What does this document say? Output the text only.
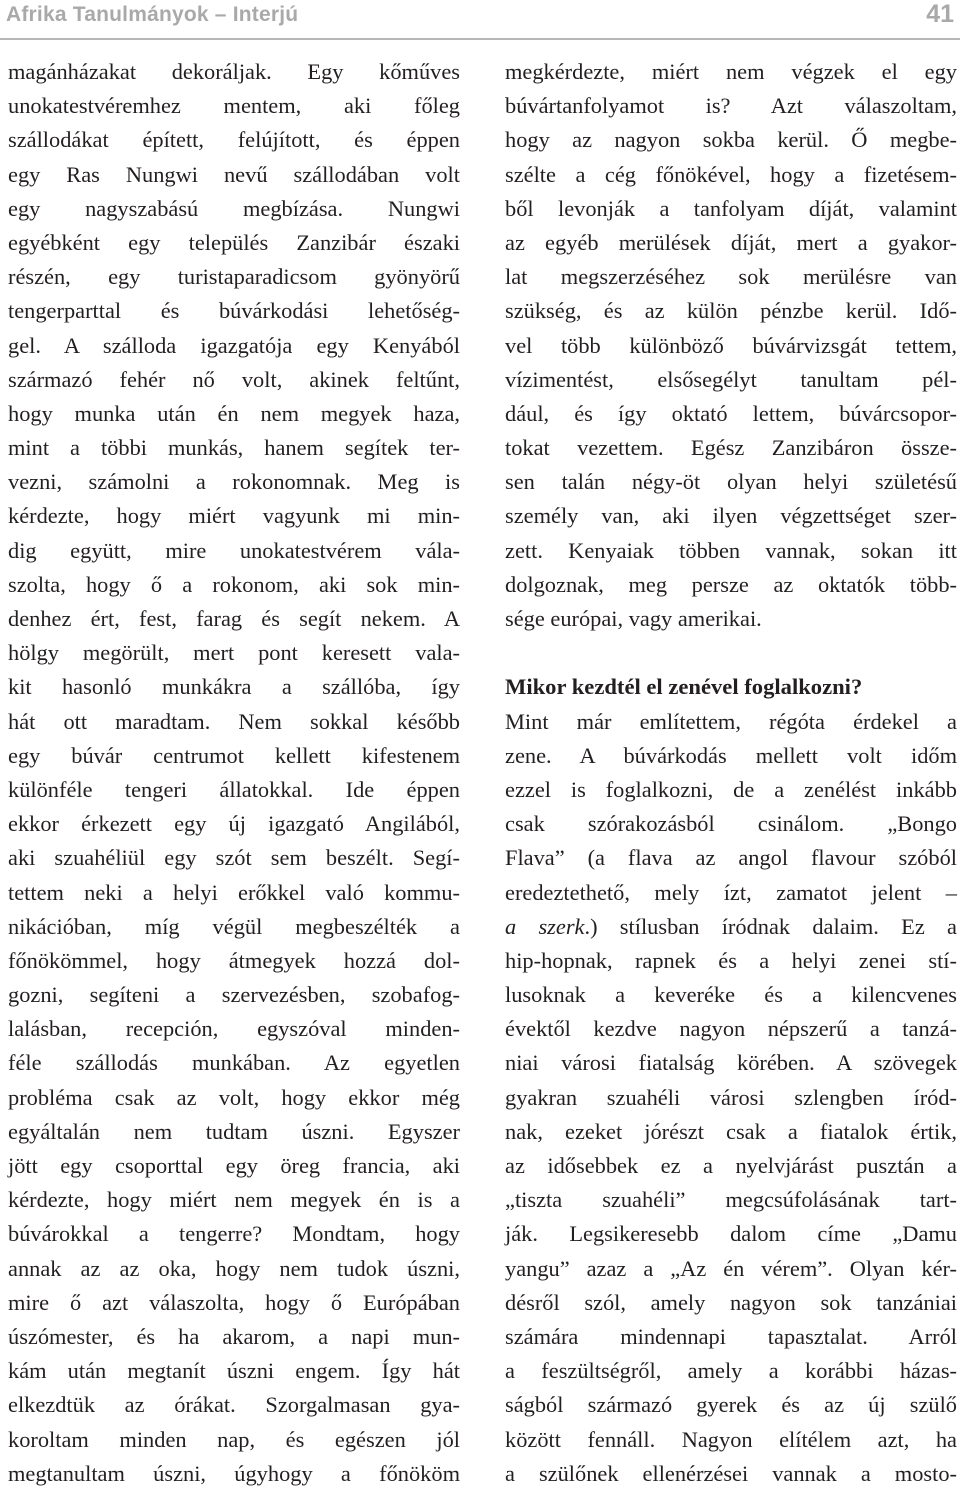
Afrika Tanulmányok – Interjú	41
magánházakat dekoráljak. Egy kőműves
unokatestvéremhez mentem, aki főleg
szállodákat épített, felújított, és éppen
egy Ras Nungwi nevű szállodában volt
egy nagyszabású megbízása. Nungwi
egyébként egy település Zanzibár északi
részén, egy turistaparadicsom gyönyörű
tengerparttal és búvárkodási lehetőség-
gel. A szálloda igazgatója egy Kenyából
származó fehér nő volt, akinek feltűnt,
hogy munka után én nem megyek haza,
mint a többi munkás, hanem segítek ter-
vezni, számolni a rokonomnak. Meg is
kérdezte, hogy miért vagyunk mi min-
dig együtt, mire unokatestvérem vála-
szolta, hogy ő a rokonom, aki sok min-
denhez ért, fest, farag és segít nekem. A
hölgy megörült, mert pont keresett vala-
kit hasonló munkákra a szállóba, így
hát ott maradtam. Nem sokkal később
egy búvár centrumot kellett kifestenem
különféle tengeri állatokkal. Ide éppen
ekkor érkezett egy új igazgató Angilából,
aki szuahéliül egy szót sem beszélt. Segí-
tettem neki a helyi erőkkel való kommu-
nikációban, míg végül megbeszélték a
főnökömmel, hogy átmegyek hozzá dol-
gozni, segíteni a szervezésben, szobafog-
lalásban, recepción, egyszóval minden-
féle szállodás munkában. Az egyetlen
probléma csak az volt, hogy ekkor még
egyáltalán nem tudtam úszni. Egyszer
jött egy csoporttal egy öreg francia, aki
kérdezte, hogy miért nem megyek én is a
búvárokkal a tengerre? Mondtam, hogy
annak az az oka, hogy nem tudok úszni,
mire ő azt válaszolta, hogy ő Európában
úszómester, és ha akarom, a napi mun-
kám után megtanít úszni engem. Így hát
elkezdtük az órákat. Szorgalmasan gya-
koroltam minden nap, és egészen jól
megtanultam úszni, úgyhogy a főnököm
megkérdezte, miért nem végzek el egy
búvártanfolyamot is? Azt válaszoltam,
hogy az nagyon sokba kerül. Ő megbe-
szélte a cég főnökével, hogy a fizetésem-
ből levonják a tanfolyam díját, valamint
az egyéb merülések díját, mert a gyakor-
lat megszerzéséhez sok merülésre van
szükség, és az külön pénzbe kerül. Idő-
vel több különböző búvárvizsgát tettem,
vízimentést, elsősegélyt tanultam pél-
dául, és így oktató lettem, búvárcsopor-
tokat vezettem. Egész Zanzibáron össze-
sen talán négy-öt olyan helyi születésű
személy van, aki ilyen végzettséget szer-
zett. Kenyaiak többen vannak, sokan itt
dolgoznak, meg persze az oktatók több-
sége európai, vagy amerikai.
Mikor kezdtél el zenével foglalkozni?
Mint már említettem, régóta érdekel a
zene. A búvárkodás mellett volt időm
ezzel is foglalkozni, de a zenélést inkább
csak szórakozásból csinálom. „Bongo
Flava” (a flava az angol flavour szóból
eredeztethető, mely ízt, zamatot jelent –
a szerk.) stílusban íródnak dalaim. Ez a
hip-hopnak, rapnek és a helyi zenei stí-
lusoknak a keveréke és a kilencvenes
évektől kezdve nagyon népszerű a tanzá-
niai városi fiatalság körében. A szövegek
gyakran szuahéli városi szlengben íród-
nak, ezeket jórészt csak a fiatalok értik,
az idősebbek ez a nyelvjárást pusztán a
„tiszta szuahéli” megcsúfolásának tart-
ják. Legsikeresebb dalom címe „Damu
yangu” azaz a „Az én vérem”. Olyan kér-
désről szól, amely nagyon sok tanzániai
számára mindennapi tapasztalat. Arról
a feszültségről, amely a korábbi házas-
ságból származó gyerek és az új szülő
között fennáll. Nagyon elítélem azt, ha
a szülőnek ellenérzései vannak a mosto-
